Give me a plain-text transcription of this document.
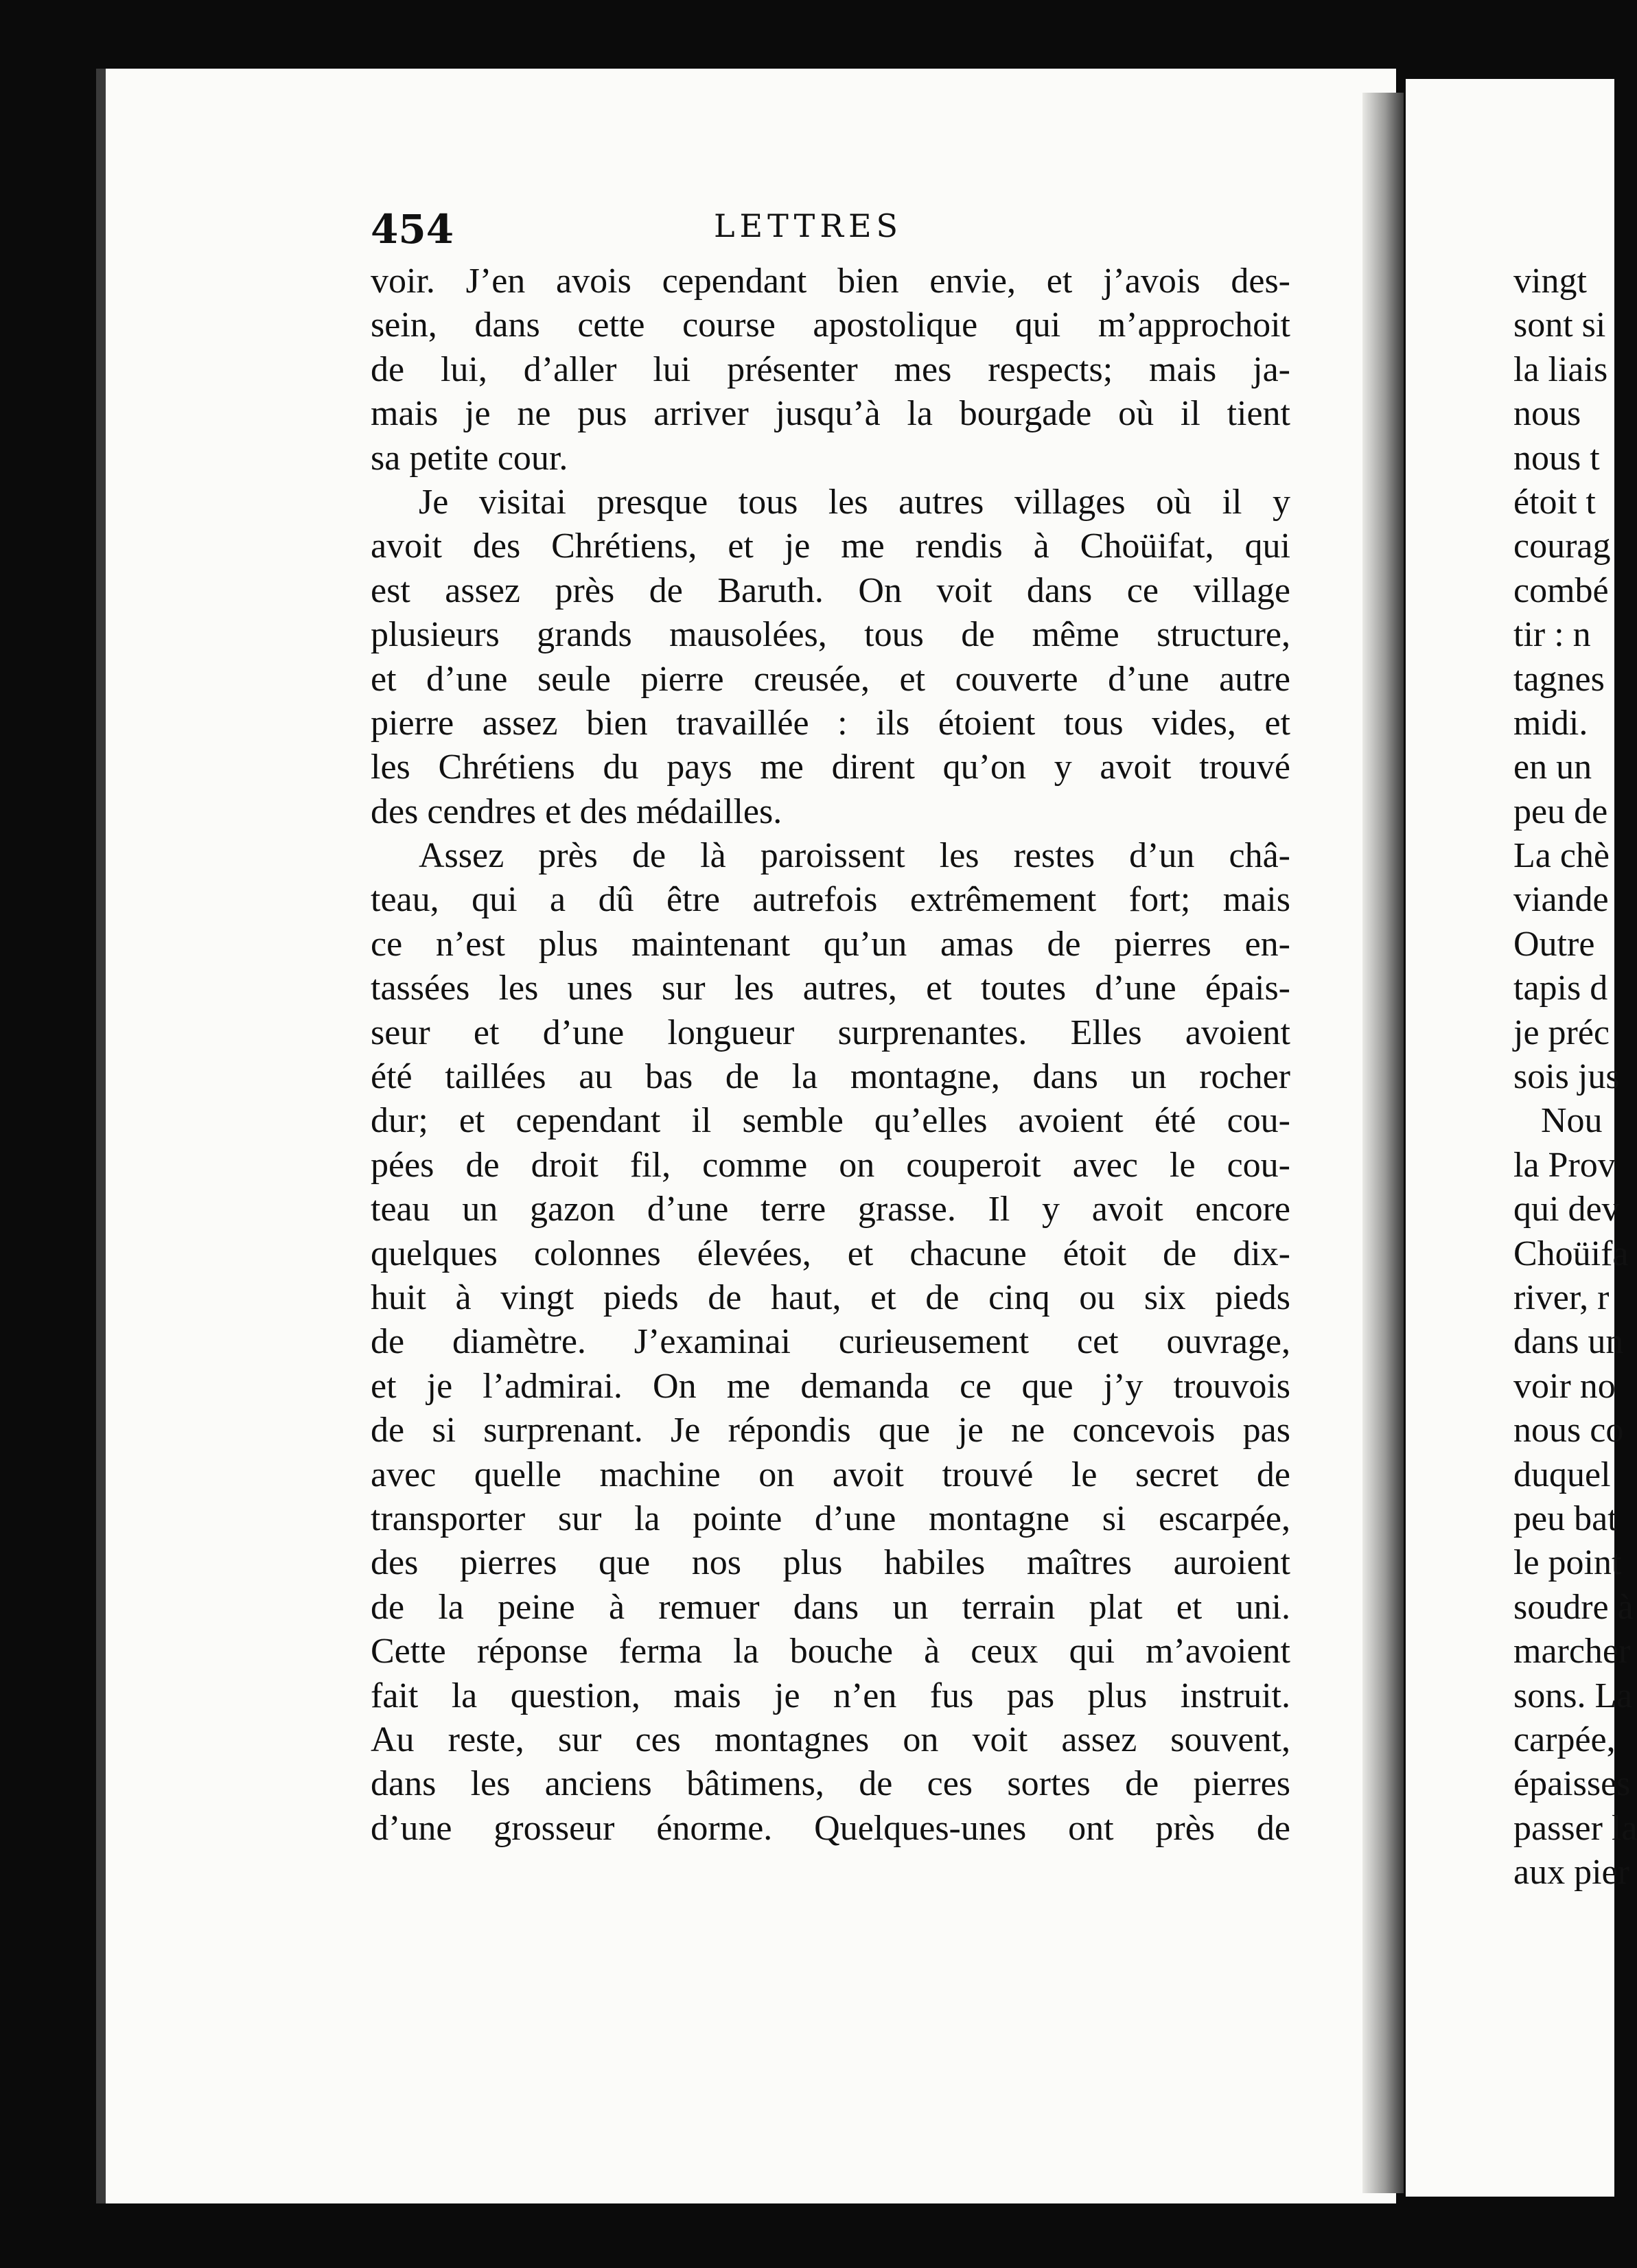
454	LETTRES
voir. J’en avois cependant bien envie, et j’avois des-
sein, dans cette course apostolique qui m’approchoit
de lui, d’aller lui présenter mes respects; mais ja-
mais je ne pus arriver jusqu’à la bourgade où il tient
sa petite cour.
Je visitai presque tous les autres villages où il y
avoit des Chrétiens, et je me rendis à Choüifat, qui
est assez près de Baruth. On voit dans ce village
plusieurs grands mausolées, tous de même structure,
et d’une seule pierre creusée, et couverte d’une autre
pierre assez bien travaillée : ils étoient tous vides, et
les Chrétiens du pays me dirent qu’on y avoit trouvé
des cendres et des médailles.
Assez près de là paroissent les restes d’un châ-
teau, qui a dû être autrefois extrêmement fort; mais
ce n’est plus maintenant qu’un amas de pierres en-
tassées les unes sur les autres, et toutes d’une épais-
seur et d’une longueur surprenantes. Elles avoient
été taillées au bas de la montagne, dans un rocher
dur; et cependant il semble qu’elles avoient été cou-
pées de droit fil, comme on couperoit avec le cou-
teau un gazon d’une terre grasse. Il y avoit encore
quelques colonnes élevées, et chacune étoit de dix-
huit à vingt pieds de haut, et de cinq ou six pieds
de diamètre. J’examinai curieusement cet ouvrage,
et je l’admirai. On me demanda ce que j’y trouvois
de si surprenant. Je répondis que je ne concevois pas
avec quelle machine on avoit trouvé le secret de
transporter sur la pointe d’une montagne si escarpée,
des pierres que nos plus habiles maîtres auroient
de la peine à remuer dans un terrain plat et uni.
Cette réponse ferma la bouche à ceux qui m’avoient
fait la question, mais je n’en fus pas plus instruit.
Au reste, sur ces montagnes on voit assez souvent,
dans les anciens bâtimens, de ces sortes de pierres
d’une grosseur énorme. Quelques-unes ont près de
vingt
sont si
la liais
nous
nous t
étoit t
courag
combé
tir : n
tagnes
midi.
en un
peu de
La chè
viande
Outre
tapis d
je préc
sois jus
Nou
la Prov
qui dev
Choüifa
river, r
dans un
voir no
nous co
duquel
peu bat
le point
soudre à
marcher
sons. La
carpée,
épaisses
passer la
aux pier
